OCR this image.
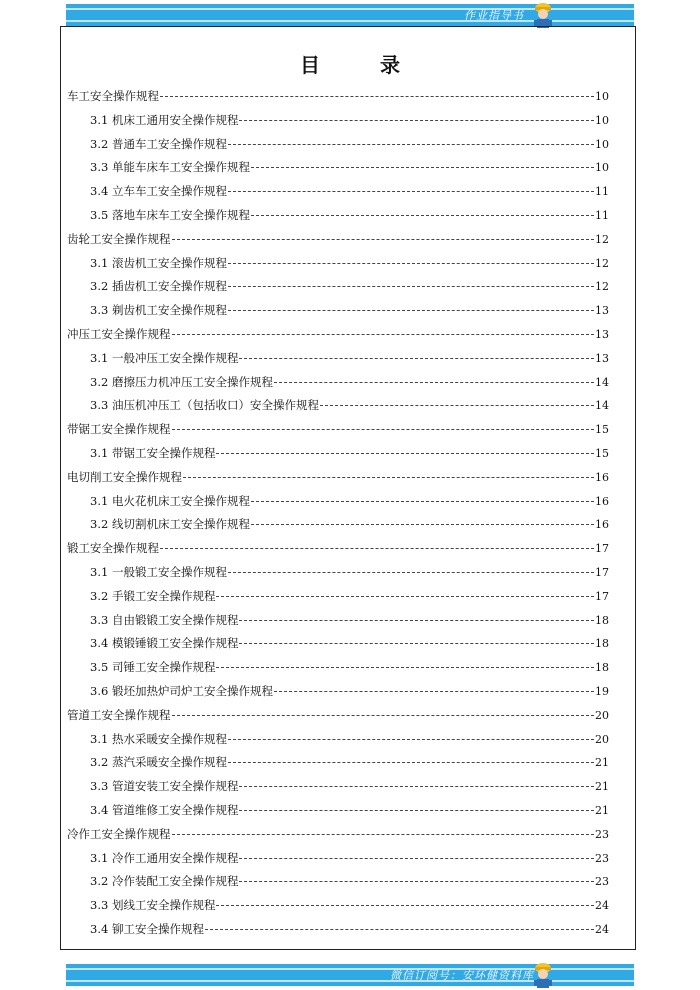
作业指导书
目录
车工安全操作规程	10
3.1 机床工通用安全操作规程	10
3.2 普通车工安全操作规程	10
3.3 单能车床车工安全操作规程	10
3.4 立车车工安全操作规程	11
3.5 落地车床车工安全操作规程	11
齿轮工安全操作规程	12
3.1 滚齿机工安全操作规程	12
3.2 插齿机工安全操作规程	12
3.3 剃齿机工安全操作规程	13
冲压工安全操作规程	13
3.1 一般冲压工安全操作规程	13
3.2 磨擦压力机冲压工安全操作规程	14
3.3 油压机冲压工（包括收口）安全操作规程	14
带锯工安全操作规程	15
3.1 带锯工安全操作规程	15
电切削工安全操作规程	16
3.1 电火花机床工安全操作规程	16
3.2 线切割机床工安全操作规程	16
锻工安全操作规程	17
3.1 一般锻工安全操作规程	17
3.2 手锻工安全操作规程	17
3.3 自由锻锻工安全操作规程	18
3.4 模锻锤锻工安全操作规程	18
3.5 司锤工安全操作规程	18
3.6 锻坯加热炉司炉工安全操作规程	19
管道工安全操作规程	20
3.1 热水采暖安全操作规程	20
3.2 蒸汽采暖安全操作规程	21
3.3 管道安装工安全操作规程	21
3.4 管道维修工安全操作规程	21
冷作工安全操作规程	23
3.1 冷作工通用安全操作规程	23
3.2 冷作装配工安全操作规程	23
3.3 划线工安全操作规程	24
3.4 铆工安全操作规程	24
微信订阅号：安环健资料库
